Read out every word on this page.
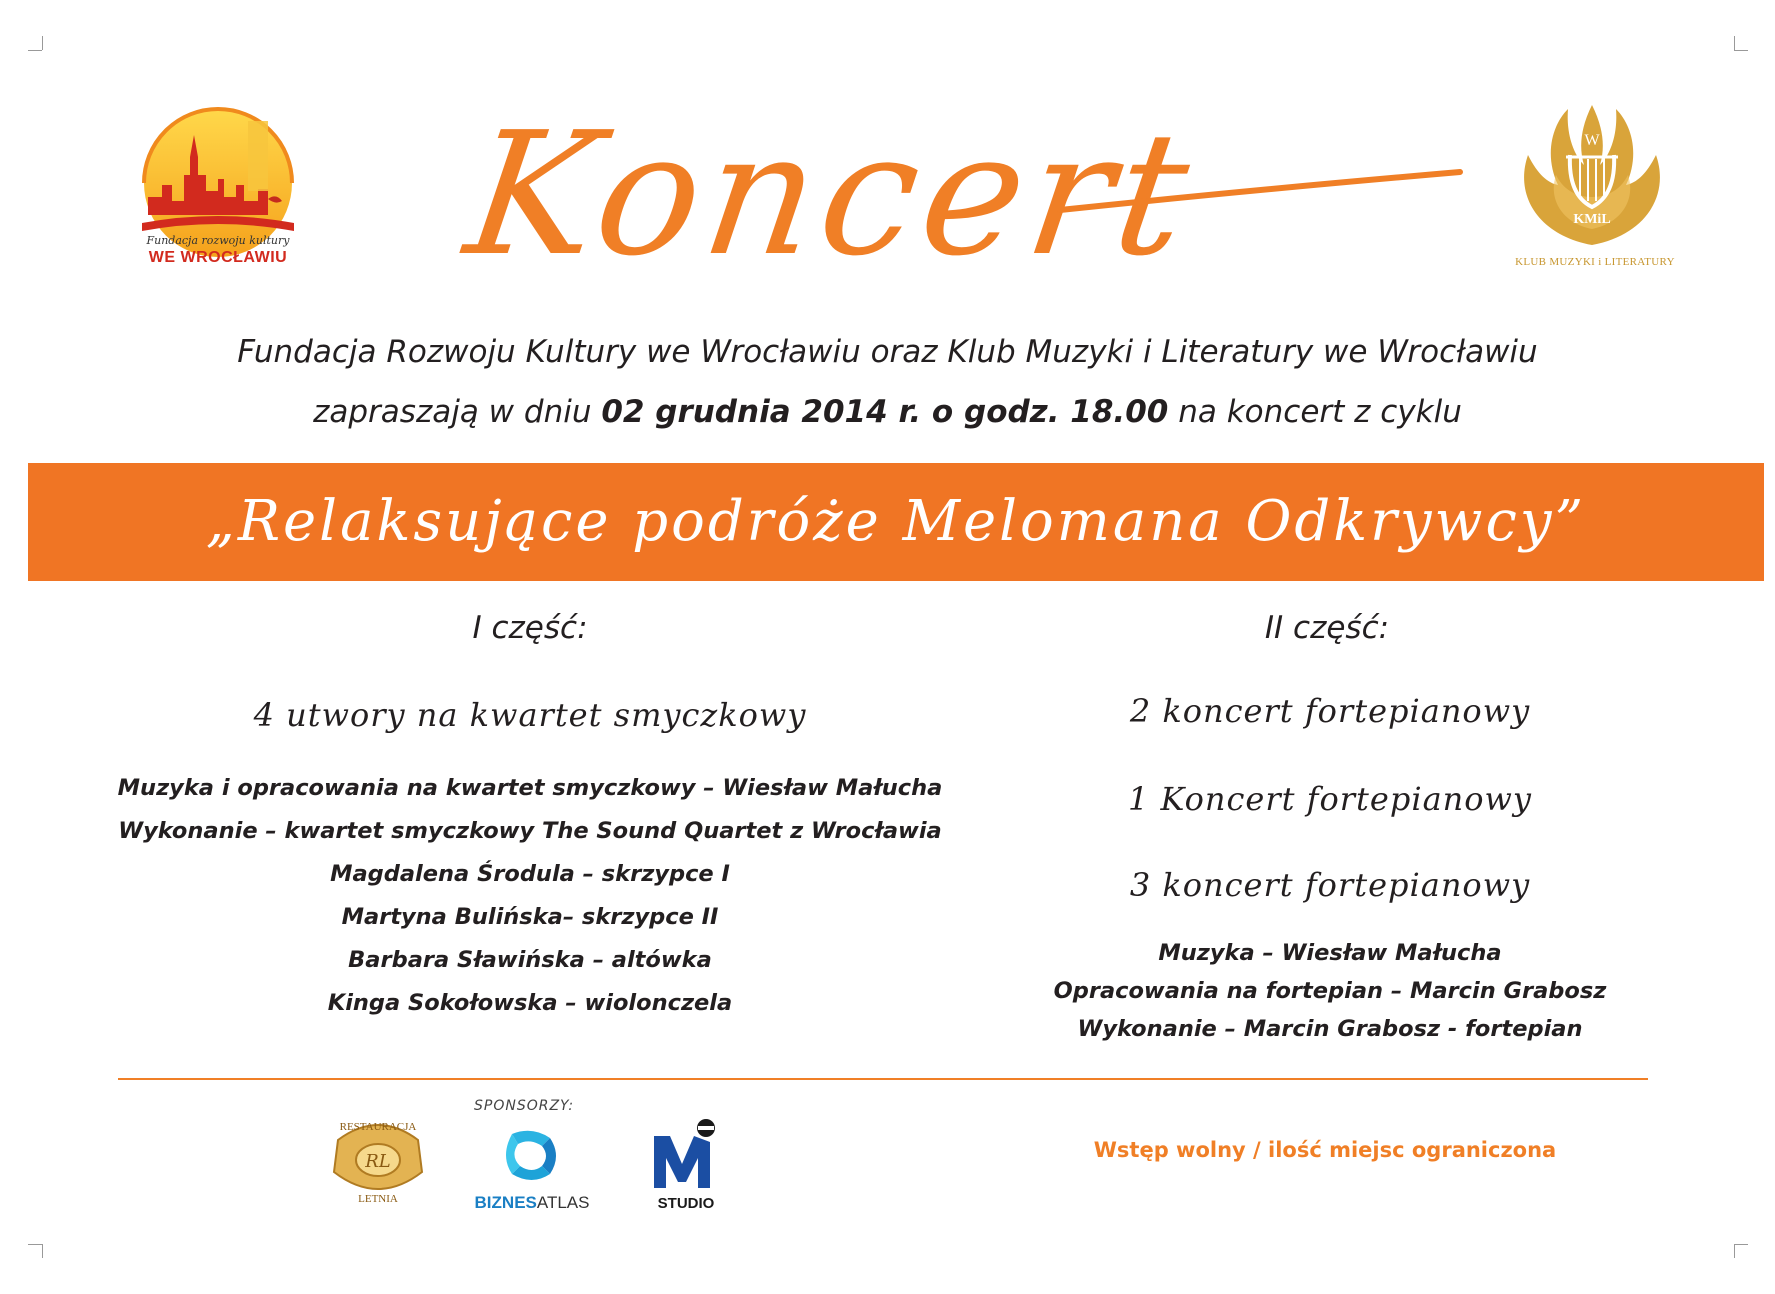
Fundacja rozwoju kultury
WE WROCŁAWIU Koncert	W
KMiL
KLUB MUZYKI i LITERATURY
Fundacja Rozwoju Kultury we Wrocławiu oraz Klub Muzyki i Literatury we Wrocławiu
zapraszają w dniu 02 grudnia 2014 r. o godz. 18.00 na koncert z cyklu
„Relaksujące podróże Melomana Odkrywcy”
I część:
4 utwory na kwartet smyczkowy
Muzyka i opracowania na kwartet smyczkowy – Wiesław Małucha
Wykonanie – kwartet smyczkowy The Sound Quartet z Wrocławia
Magdalena Środula – skrzypce I
Martyna Bulińska– skrzypce II
Barbara Sławińska – altówka
Kinga Sokołowska – wiolonczela
II część:
2 koncert fortepianowy
1 Koncert fortepianowy
3 koncert fortepianowy
Muzyka – Wiesław Małucha
Opracowania na fortepian – Marcin Grabosz
Wykonanie – Marcin Grabosz - fortepian
SPONSORZY:
RL
RESTAURACJA
LETNIA	BIZNESATLAS	STUDIO
Wstęp wolny / ilość miejsc ograniczona
